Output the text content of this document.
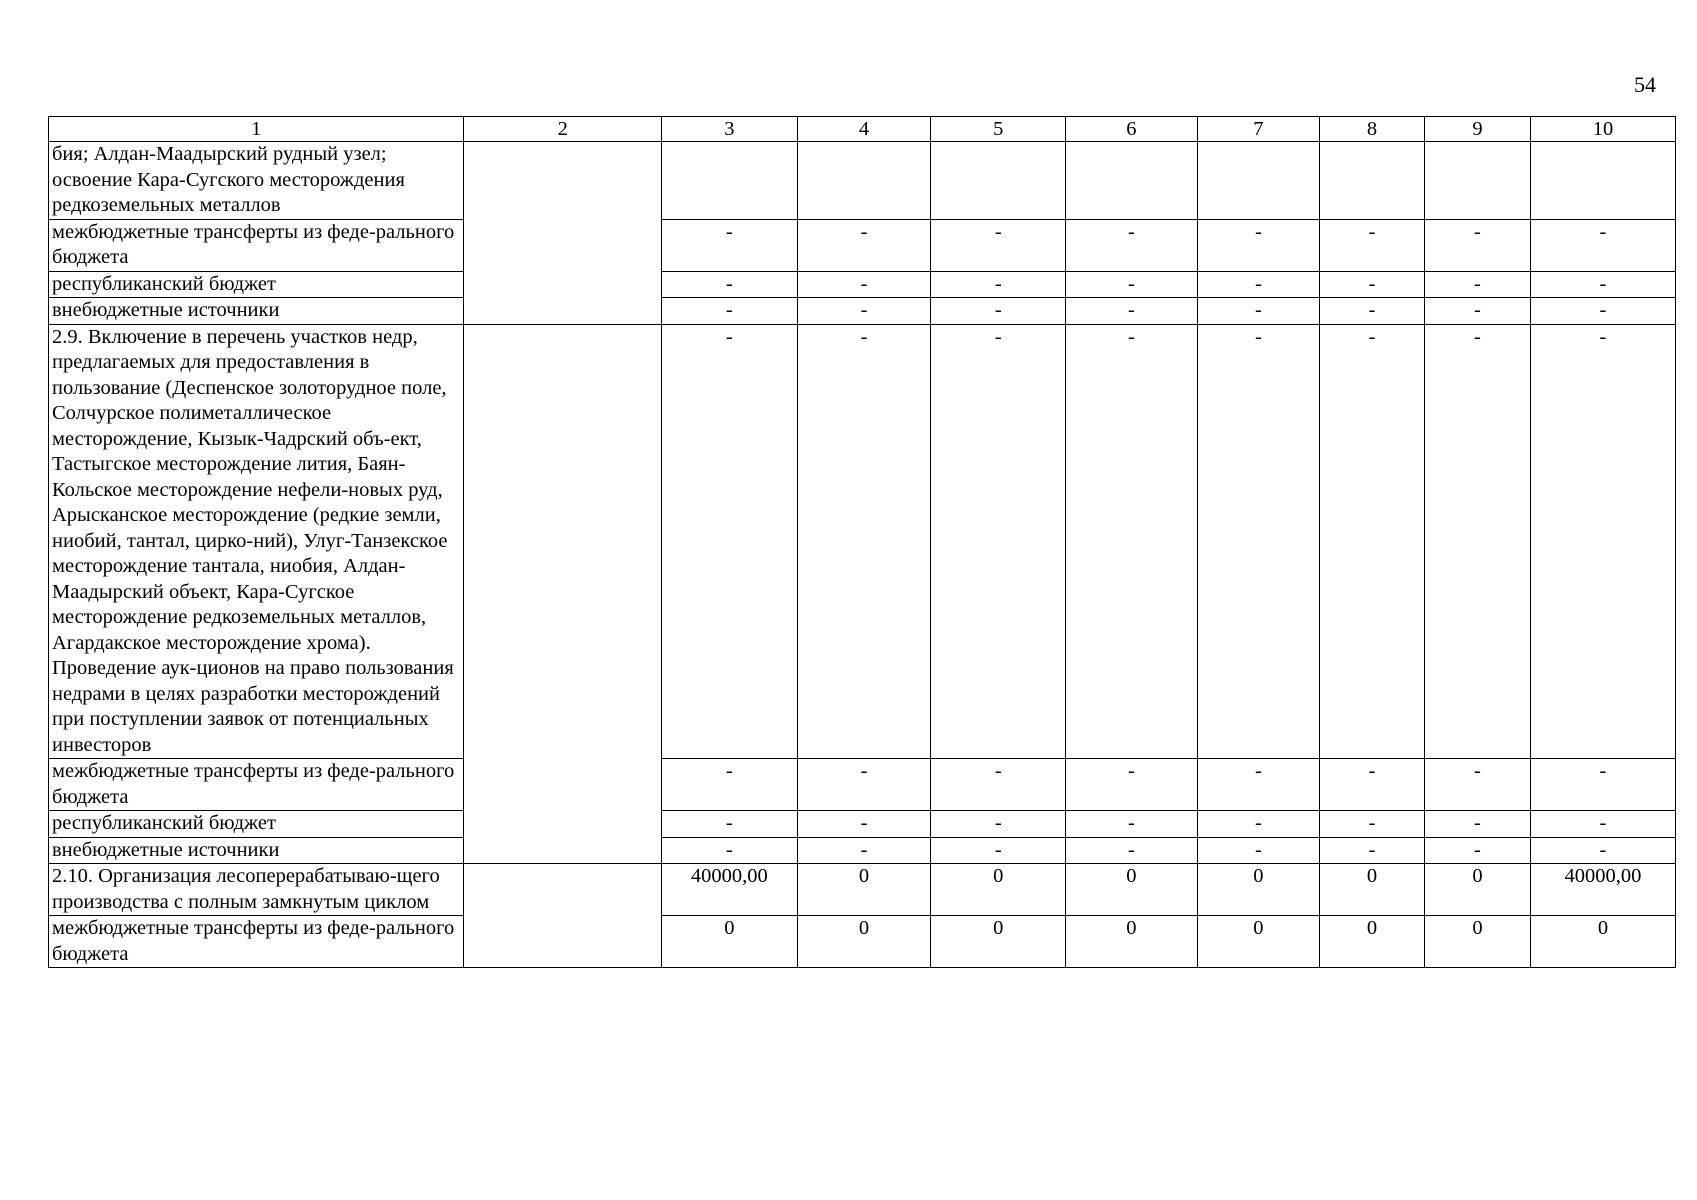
54
1	2	3	4	5	6	7	8	9	10
бия; Алдан-Маадырский рудный узел; освоение Кара-Сугского месторождения редкоземельных металлов									
межбюджетные трансферты из феде-рального бюджета		-	-	-	-	-	-	-	-
республиканский бюджет		-	-	-	-	-	-	-	-
внебюджетные источники		-	-	-	-	-	-	-	-
2.9. Включение в перечень участков недр, предлагаемых для предоставления в пользование (Деспенское золоторудное поле, Солчурское полиметаллическое месторождение, Кызык-Чадрский объ-ект, Тастыгское месторождение лития, Баян-Кольское месторождение нефели-новых руд, Арысканское месторождение (редкие земли, ниобий, тантал, цирко-ний), Улуг-Танзекское месторождение тантала, ниобия, Алдан-Маадырский объект, Кара-Сугское месторождение редкоземельных металлов, Агардакское месторождение хрома). Проведение аук-ционов на право пользования недрами в целях разработки месторождений при поступлении заявок от потенциальных инвесторов		-	-	-	-	-	-	-	-
межбюджетные трансферты из феде-рального бюджета		-	-	-	-	-	-	-	-
республиканский бюджет		-	-	-	-	-	-	-	-
внебюджетные источники		-	-	-	-	-	-	-	-
2.10. Организация лесоперерабатываю-щего производства с полным замкнутым циклом		40000,00	0	0	0	0	0	0	40000,00
межбюджетные трансферты из феде-рального бюджета		0	0	0	0	0	0	0	0
